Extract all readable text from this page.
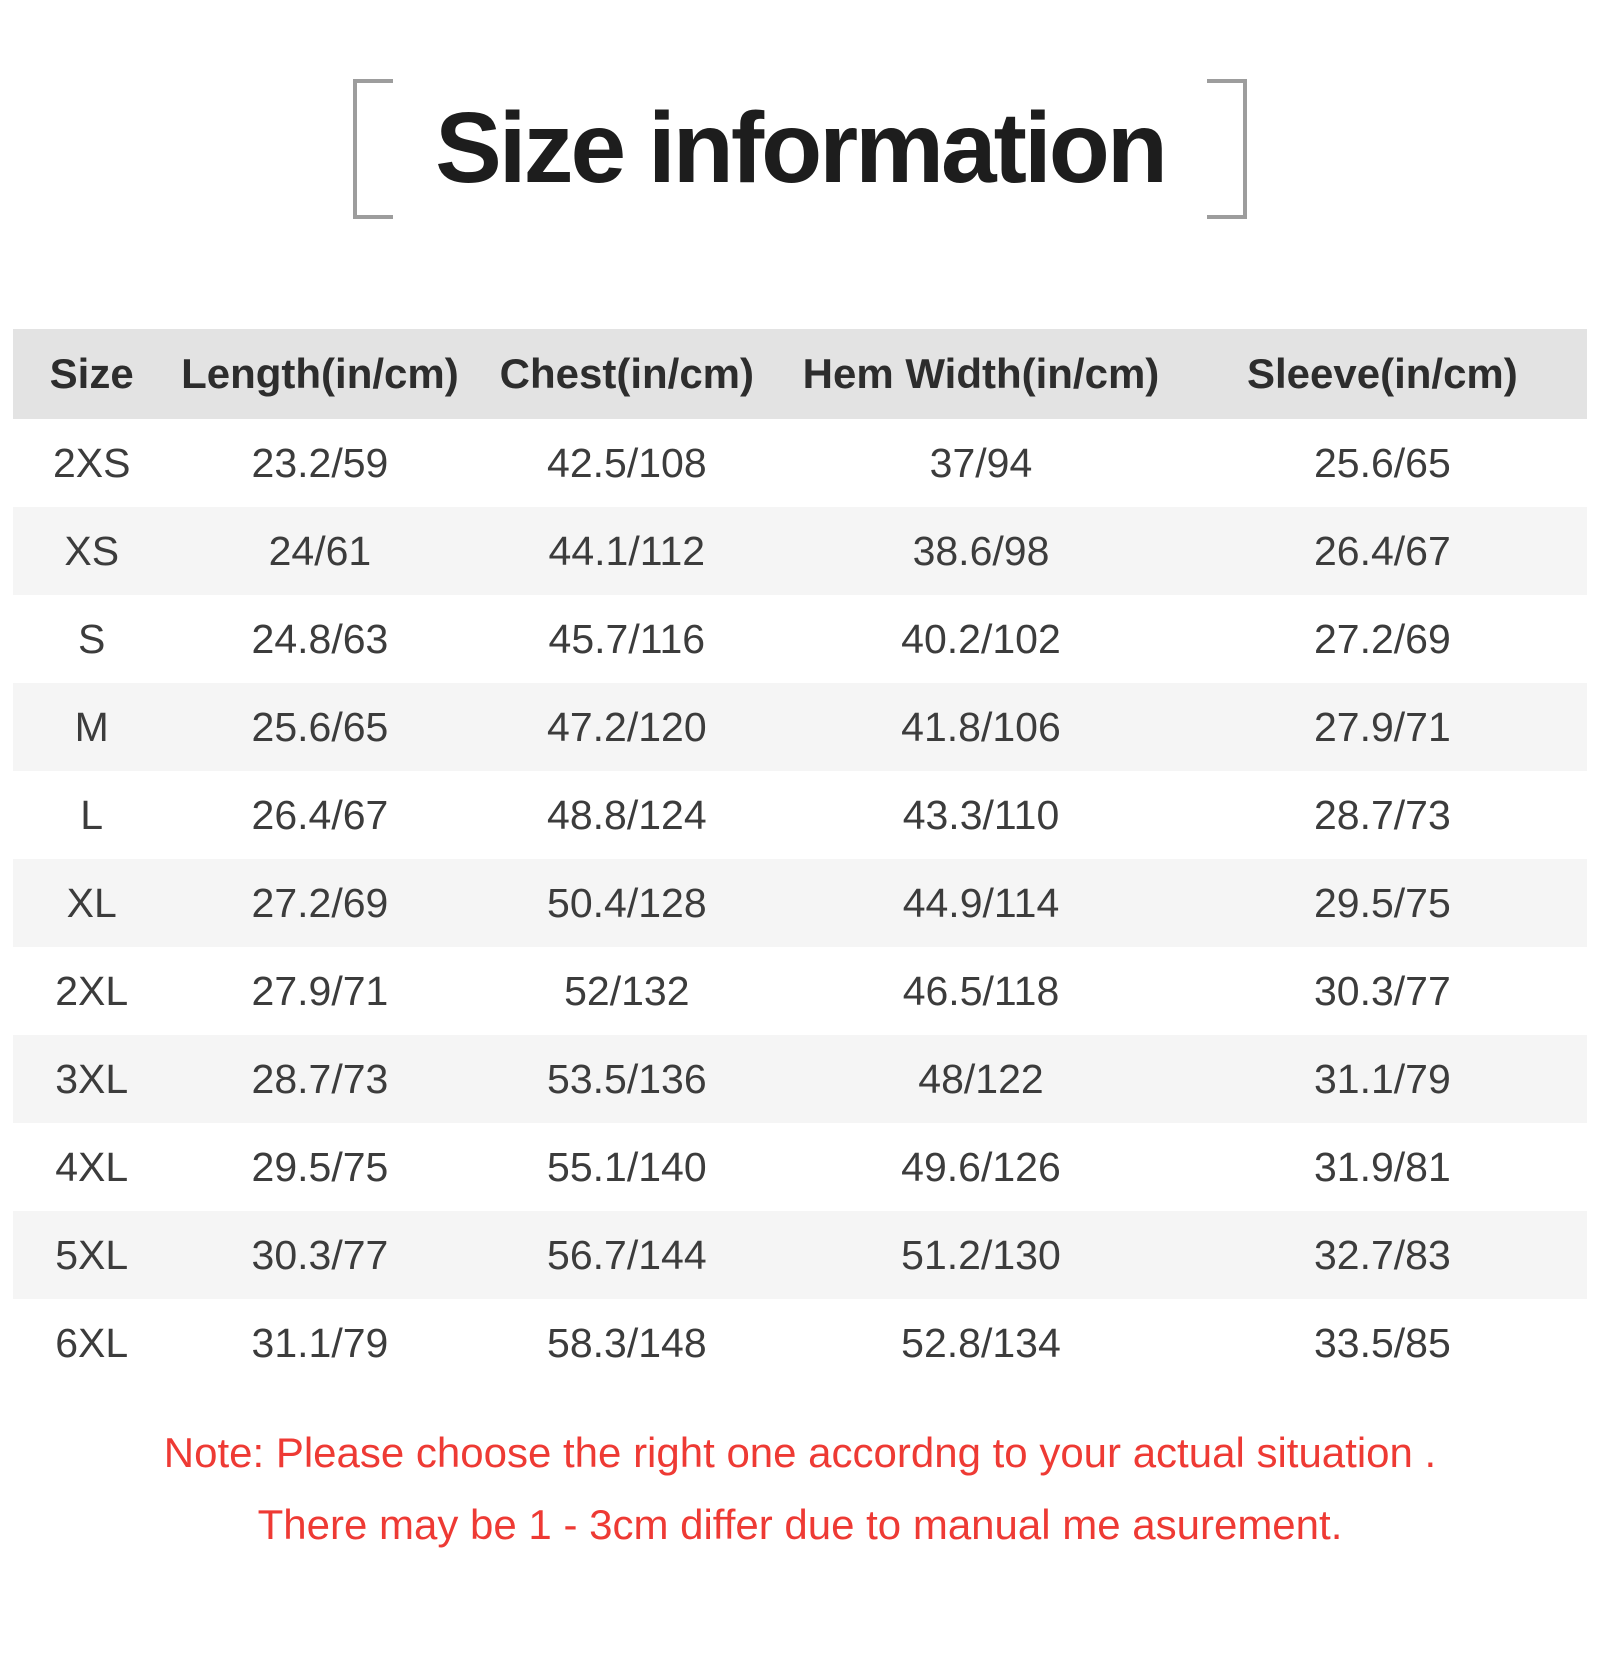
Size information
Size	Length(in/cm)	Chest(in/cm)	Hem Width(in/cm)	Sleeve(in/cm)
2XS	23.2/59	42.5/108	37/94	25.6/65
XS	24/61	44.1/112	38.6/98	26.4/67
S	24.8/63	45.7/116	40.2/102	27.2/69
M	25.6/65	47.2/120	41.8/106	27.9/71
L	26.4/67	48.8/124	43.3/110	28.7/73
XL	27.2/69	50.4/128	44.9/114	29.5/75
2XL	27.9/71	52/132	46.5/118	30.3/77
3XL	28.7/73	53.5/136	48/122	31.1/79
4XL	29.5/75	55.1/140	49.6/126	31.9/81
5XL	30.3/77	56.7/144	51.2/130	32.7/83
6XL	31.1/79	58.3/148	52.8/134	33.5/85

Note: Please choose the right one accordng to your actual situation .

There may be 1 - 3cm differ due to manual me asurement.
